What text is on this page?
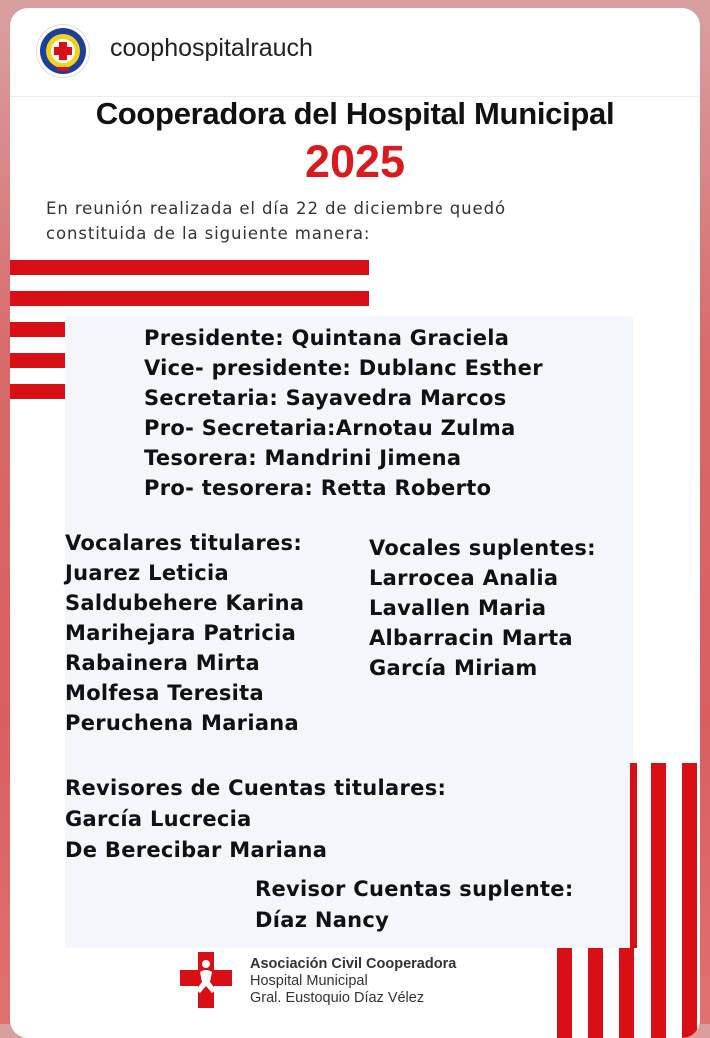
coophospitalrauch
Cooperadora del Hospital Municipal
2025
En reunión realizada el día 22 de diciembre quedó
constituida de la siguiente manera:
Presidente: Quintana Graciela
Vice- presidente: Dublanc Esther
Secretaria: Sayavedra Marcos
Pro- Secretaria:Arnotau Zulma
Tesorera: Mandrini Jimena
Pro- tesorera: Retta Roberto
Vocalares titulares:
Juarez Leticia
Saldubehere Karina
Marihejara Patricia
Rabainera Mirta
Molfesa Teresita
Peruchena Mariana
Vocales suplentes:
Larrocea Analia
Lavallen Maria
Albarracin Marta
García Miriam
Revisores de Cuentas titulares:
García Lucrecia
De Berecibar Mariana
Revisor Cuentas suplente:
Díaz Nancy
Asociación Civil Cooperadora
Hospital Municipal
Gral. Eustoquio Díaz Vélez
